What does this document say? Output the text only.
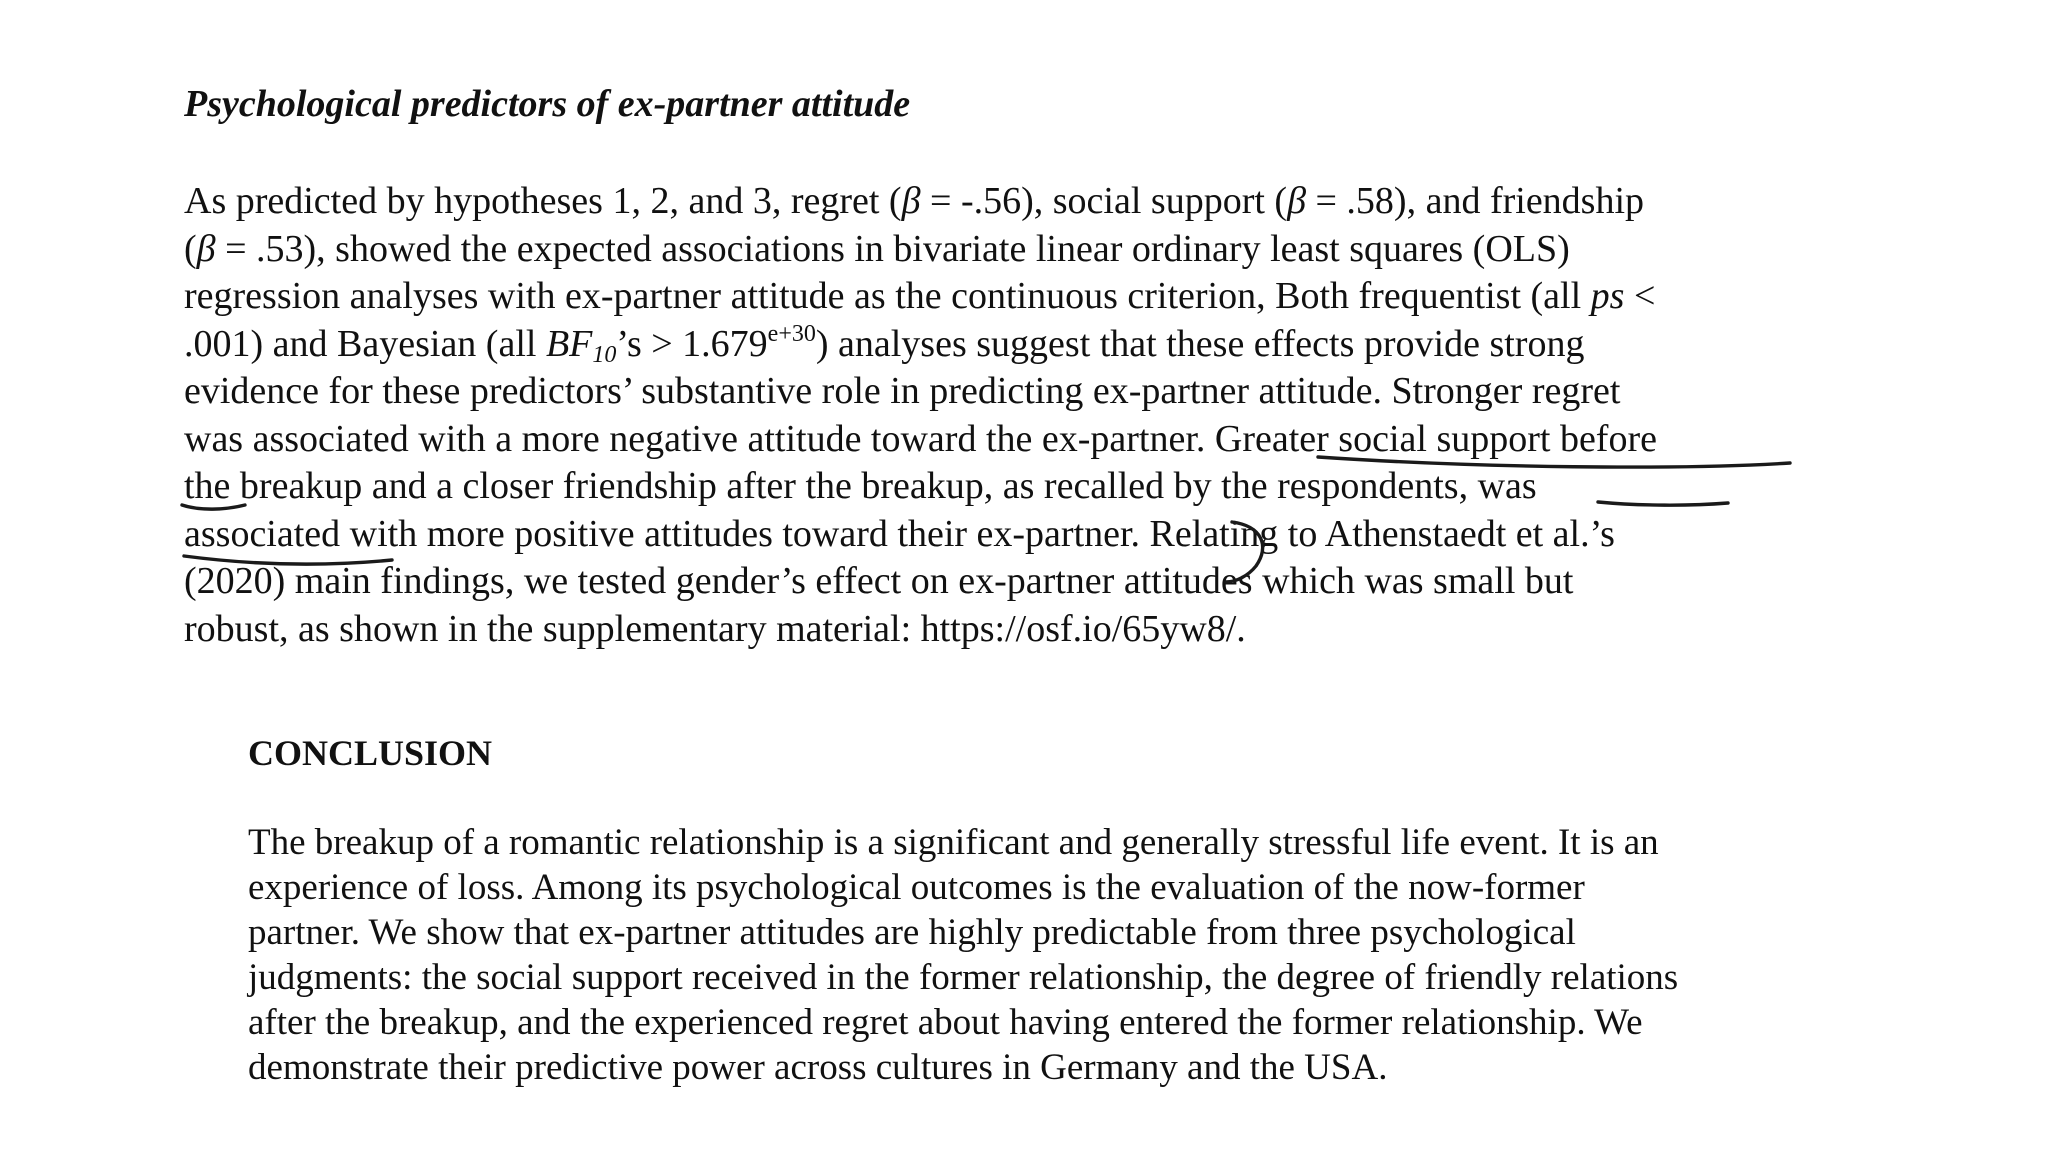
Psychological predictors of ex-partner attitude

As predicted by hypotheses 1, 2, and 3, regret (β = -.56), social support (β = .58), and friendship
(β = .53), showed the expected associations in bivariate linear ordinary least squares (OLS)
regression analyses with ex-partner attitude as the continuous criterion, Both frequentist (all ps <
.001) and Bayesian (all $BF_{10}’s > 1.679^{e+30}$) analyses suggest that these effects provide strong
evidence for these predictors’ substantive role in predicting ex-partner attitude. Stronger regret
was associated with a more negative attitude toward the ex-partner. Greater social support before
the breakup and a closer friendship after the breakup, as recalled by the respondents, was
associated with more positive attitudes toward their ex-partner. Relating to Athenstaedt et al.’s
(2020) main findings, we tested gender’s effect on ex-partner attitudes which was small but
robust, as shown in the supplementary material: https://osf.io/65yw8/.

CONCLUSION

The breakup of a romantic relationship is a significant and generally stressful life event. It is an
experience of loss. Among its psychological outcomes is the evaluation of the now-former
partner. We show that ex-partner attitudes are highly predictable from three psychological
judgments: the social support received in the former relationship, the degree of friendly relations
after the breakup, and the experienced regret about having entered the former relationship. We
demonstrate their predictive power across cultures in Germany and the USA.
